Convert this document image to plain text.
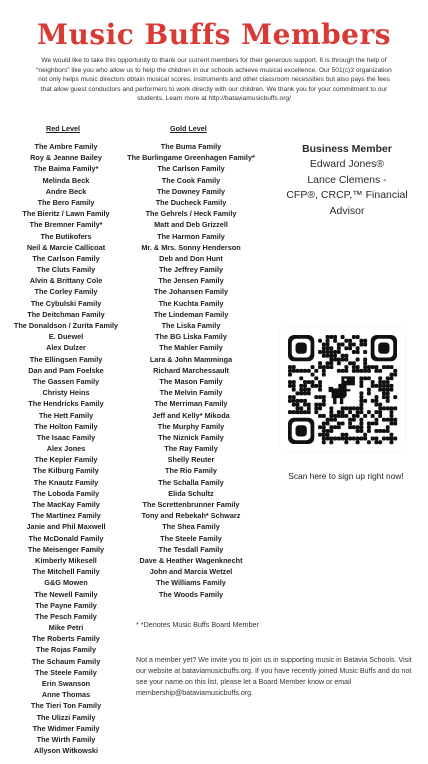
Music Buffs Members
We would like to take this opportunity to thank our current members for their generous support. It is through the help of “neighbors” like you who allow us to help the children in our schools achieve musical excellence. Our 501(c)3 organization not only helps music directors obtain musical scores, instruments and other classroom necessities but also pays the fees that allow guest conductors and performers to work directly with our children. We thank you for your commitment to our students. Learn more at http://bataviamusicbuffs.org/
Red Level
The Ambre Family
Roy & Jeanne Bailey
The Baima Family*
Melinda Beck
Andre Beck
The Bero Family
The Bieritz / Lawn Family
The Bremner Family*
The Butikofers
Neil & Marcie Callicoat
The Carlson Family
The Cluts Family
Alvin & Brittany Cole
The Corley Family
The Cybulski Family
The Deitchman Family
The Donaldson / Zurita Family
E. Duewel
Alex Dulzer
The Ellingsen Family
Dan and Pam Foelske
The Gassen Family
Christy Heins
The Hendricks Family
The Hett Family
The Holton Family
The Isaac Family
Alex Jones
The Kepler Family
The Kilburg Family
The Knautz Family
The Loboda Family
The MacKay Family
The Martinez Family
Janie and Phil Maxwell
The McDonald Family
The Meisenger Family
Kimberly Mikesell
The Mitchell Family
G&G Mowen
The Newell Family
The Payne Family
The Pesch Family
Mike Petri
The Roberts Family
The Rojas Family
The Schaum Family
The Steele Family
Erin Swanson
Anne Thomas
The Tieri Ton Family
The Ulizzi Family
The Widmer Family
The Wirth Family
Allyson Witkowski
Gold Level
The Buma Family
The Burlingame Greenhagen Family*
The Carlson Family
The Cook Family
The Downey Family
The Ducheck Family
The Gehrels / Heck Family
Matt and Deb Grizzell
The Harmon Family
Mr. & Mrs. Sonny Henderson
Deb and Don Hunt
The Jeffrey Family
The Jensen Family
The Johansen Family
The Kuchta Family
The Lindeman Family
The Liska Family
The BG Liska Family
The Mahler Family
Lara & John Mamminga
Richard Marchessault
The Mason Family
The Melvin Family
The Merriman Family
Jeff and Kelly* Mikoda
The Murphy Family
The Niznick Family
The Ray Family
Shelly Reuter
The Rio Family
The Schalla Family
Elida Schultz
The Screttenbrunner Family
Tony and Rebekah* Schwarz
The Shea Family
The Steele Family
The Tesdall Family
Dave & Heather Wagenknecht
John and Marcia Wetzel
The Williams Family
The Woods Family
Business Member
Edward Jones®
Lance Clemens -
CFP®, CRCP,™ Financial
Advisor
Scan here to sign up right now!
* *Denotes Music Buffs Board Member
Not a member yet? We invite you to join us in supporting music in Batavia Schools. Visit our website at bataviamusicbuffs.org. If you have recently joined Music Buffs and do not see your name on this list, please let a Board Member know or email membership@bataviamusicbuffs.org.
